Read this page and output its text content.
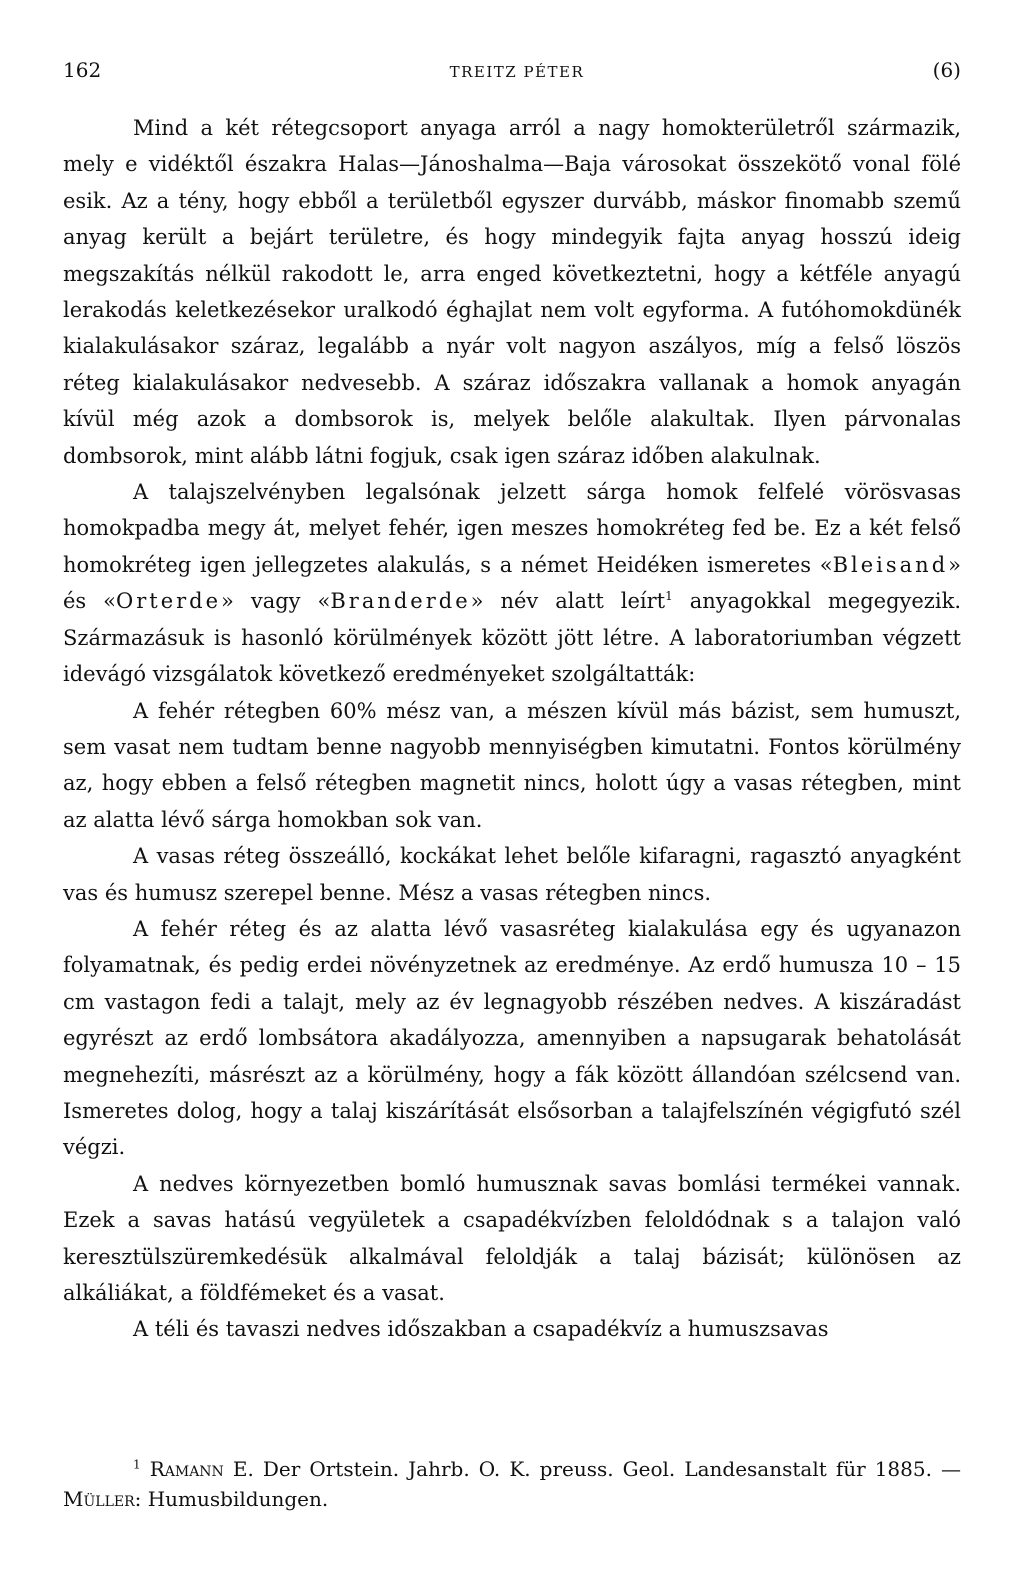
162	TREITZ PÉTER	(6)

Mind a két rétegcsoport anyaga arról a nagy homokterületről származik, mely e vidéktől északra Halas—Jánoshalma—Baja városokat összekötő vonal fölé esik. Az a tény, hogy ebből a területből egyszer durvább, máskor finomabb szemű anyag került a bejárt területre, és hogy mindegyik fajta anyag hosszú ideig megszakítás nélkül rakodott le, arra enged következtetni, hogy a kétféle anyagú lerakodás keletkezésekor uralkodó éghajlat nem volt egyforma. A futóhomokdünék kialakulásakor száraz, legalább a nyár volt nagyon aszályos, míg a felső löszös réteg kialakulásakor nedvesebb. A száraz időszakra vallanak a homok anyagán kívül még azok a dombsorok is, melyek belőle alakultak. Ilyen párvonalas dombsorok, mint alább látni fogjuk, csak igen száraz időben alakulnak.

A talajszelvényben legalsónak jelzett sárga homok felfelé vörösvasas homokpadba megy át, melyet fehér, igen meszes homokréteg fed be. Ez a két felső homokréteg igen jellegzetes alakulás, s a német Heidéken ismeretes «Bleisand» és «Orterde» vagy «Branderde» név alatt leírt$^1$ anyagokkal megegyezik. Származásuk is hasonló körülmények között jött létre. A laboratoriumban végzett idevágó vizsgálatok következő eredményeket szolgáltatták:

A fehér rétegben 60% mész van, a mészen kívül más bázist, sem humuszt, sem vasat nem tudtam benne nagyobb mennyiségben kimutatni. Fontos körülmény az, hogy ebben a felső rétegben magnetit nincs, holott úgy a vasas rétegben, mint az alatta lévő sárga homokban sok van.

A vasas réteg összeálló, kockákat lehet belőle kifaragni, ragasztó anyagként vas és humusz szerepel benne. Mész a vasas rétegben nincs.

A fehér réteg és az alatta lévő vasasréteg kialakulása egy és ugyanazon folyamatnak, és pedig erdei növényzetnek az eredménye. Az erdő humusza 10 – 15 cm vastagon fedi a talajt, mely az év legnagyobb részében nedves. A kiszáradást egyrészt az erdő lombsátora akadályozza, amennyiben a napsugarak behatolását megnehezíti, másrészt az a körülmény, hogy a fák között állandóan szélcsend van. Ismeretes dolog, hogy a talaj kiszárítását elsősorban a talajfelszínén végigfutó szél végzi.

A nedves környezetben bomló humusznak savas bomlási termékei vannak. Ezek a savas hatású vegyületek a csapadékvízben feloldódnak s a talajon való keresztülszüremkedésük alkalmával feloldják a talaj bázisát; különösen az alkáliákat, a földfémeket és a vasat.

A téli és tavaszi nedves időszakban a csapadékvíz a humuszsavas

$^1$ Ramann E. Der Ortstein. Jahrb. O. K. preuss. Geol. Landesanstalt für 1885. — Müller: Humusbildungen.
